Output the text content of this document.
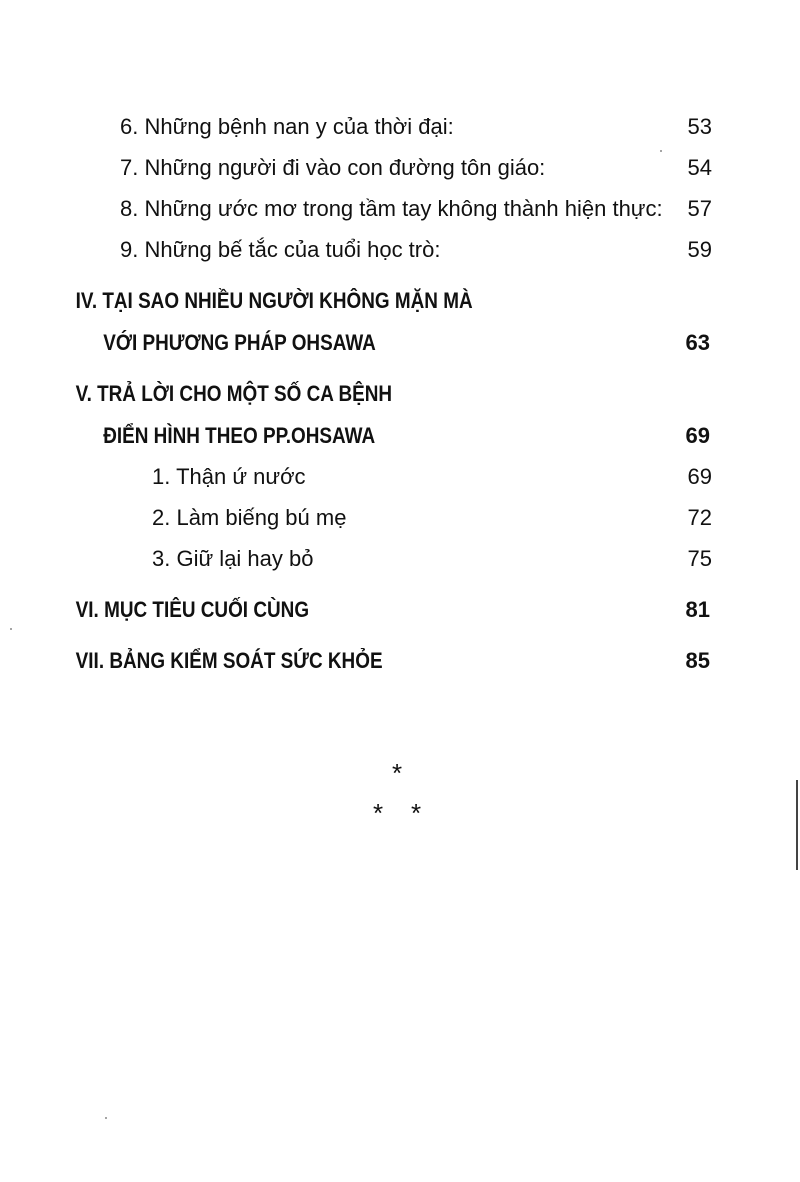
6. Những bệnh nan y của thời đại:	53
7. Những người đi vào con đường tôn giáo:	54
8. Những ước mơ trong tầm tay không thành hiện thực: 57
9. Những bế tắc của tuổi học trò:	59
IV. TẠI SAO NHIỀU NGƯỜI KHÔNG MẶN MÀ
VỚI PHƯƠNG PHÁP OHSAWA	63
V. TRẢ LỜI CHO MỘT SỐ CA BỆNH
ĐIỂN HÌNH THEO PP.OHSAWA	69
1. Thận ứ nước	69
2. Làm biếng bú mẹ	72
3. Giữ lại hay bỏ	75
VI. MỤC TIÊU CUỐI CÙNG	81
VII. BẢNG KIỂM SOÁT SỨC KHỎE	85
*
* *
